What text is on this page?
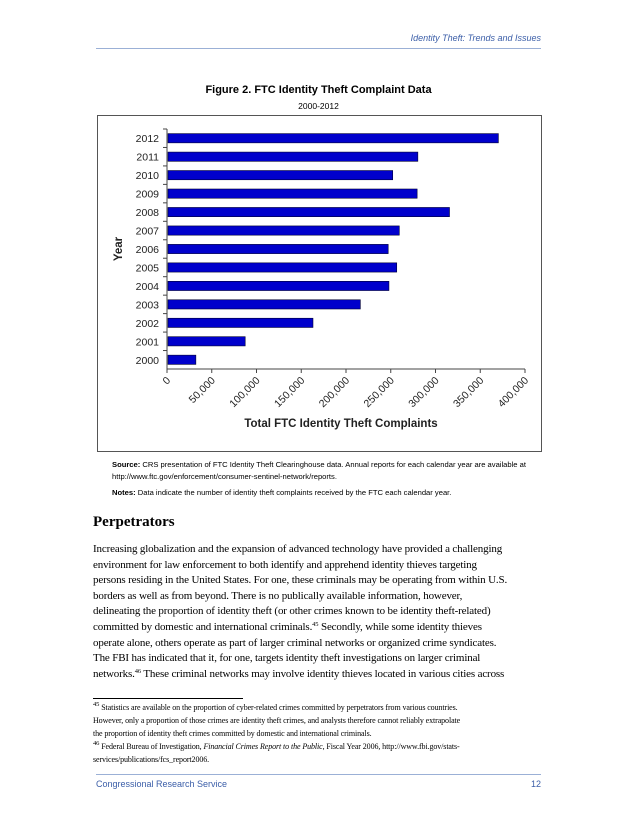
Identity Theft: Trends and Issues
Figure 2. FTC Identity Theft Complaint Data
2000-2012
2012
2011
2010
2009
2008
2007
2006
2005
2004
2003
2002
2001
2000
0 50,000 100,000 150,000 200,000 250,000 300,000 350,000 400,000
Total FTC Identity Theft Complaints
Year
Source: CRS presentation of FTC Identity Theft Clearinghouse data. Annual reports for each calendar year are available at http://www.ftc.gov/enforcement/consumer-sentinel-network/reports.
Notes: Data indicate the number of identity theft complaints received by the FTC each calendar year.
Perpetrators

Increasing globalization and the expansion of advanced technology have provided a challenging

environment for law enforcement to both identify and apprehend identity thieves targeting

persons residing in the United States. For one, these criminals may be operating from within U.S.

borders as well as from beyond. There is no publically available information, however,

delineating the proportion of identity theft (or other crimes known to be identity theft-related)

committed by domestic and international criminals.$^{45}$ Secondly, while some identity thieves

operate alone, others operate as part of larger criminal networks or organized crime syndicates.

The FBI has indicated that it, for one, targets identity theft investigations on larger criminal

networks.$^{46}$ These criminal networks may involve identity thieves located in various cities across

$^{45}$ Statistics are available on the proportion of cyber-related crimes committed by perpetrators from various countries.

However, only a proportion of those crimes are identity theft crimes, and analysts therefore cannot reliably extrapolate

the proportion of identity theft crimes committed by domestic and international criminals.

$^{46}$ Federal Bureau of Investigation, Financial Crimes Report to the Public, Fiscal Year 2006, http://www.fbi.gov/stats-

services/publications/fcs_report2006.

Congressional Research Service	12
